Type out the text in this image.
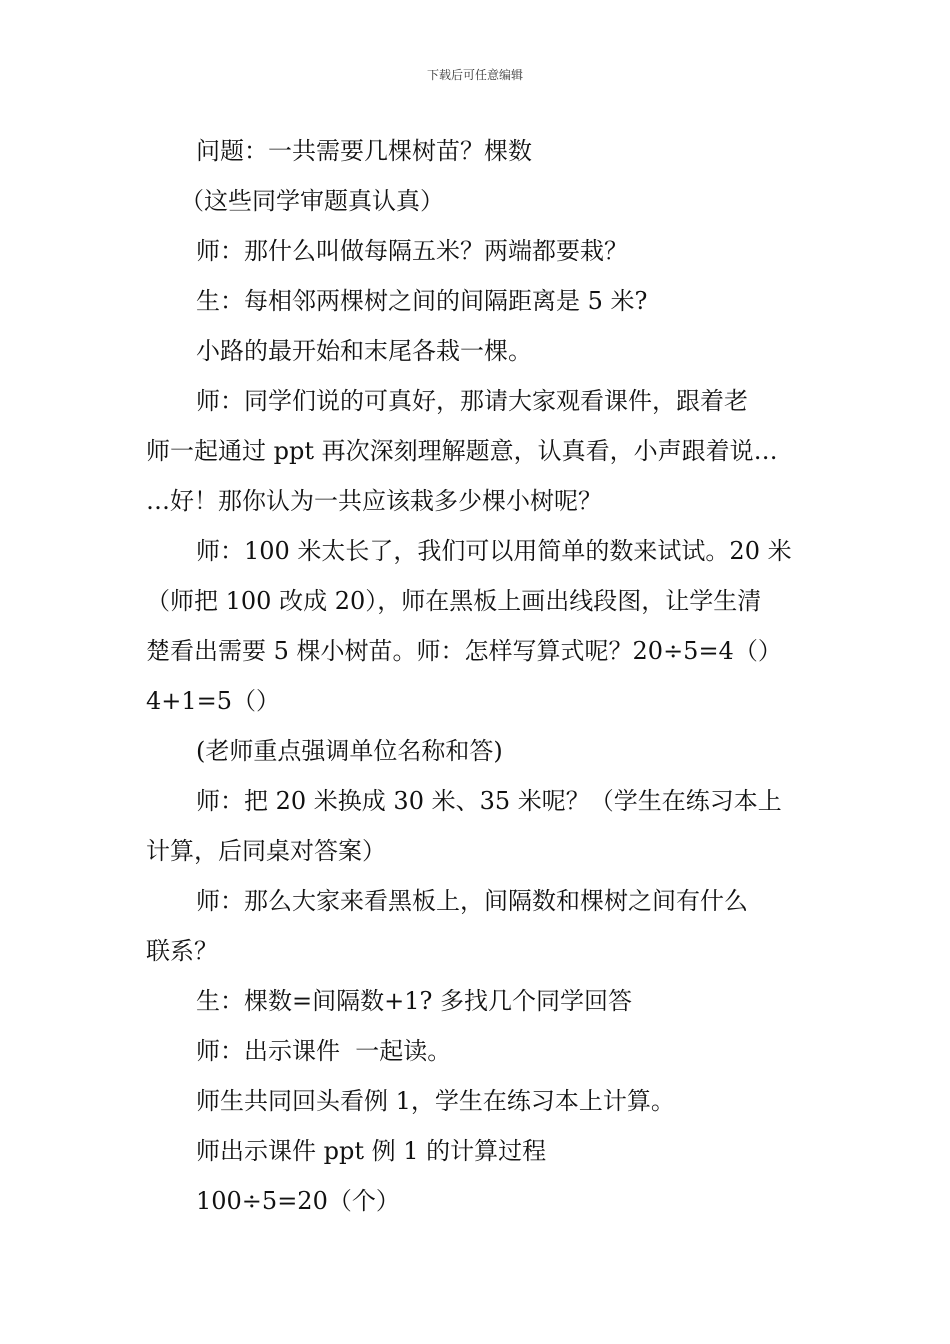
下载后可任意编辑
问题：一共需要几棵树苗？棵数
（这些同学审题真认真）
师：那什么叫做每隔五米？两端都要栽？
生：每相邻两棵树之间的间隔距离是 5 米?
小路的最开始和末尾各栽一棵。
师：同学们说的可真好，那请大家观看课件，跟着老
师一起通过 ppt 再次深刻理解题意，认真看，小声跟着说…
…好！那你认为一共应该栽多少棵小树呢？
师：100 米太长了，我们可以用简单的数来试试。20 米
（师把 100 改成 20），师在黑板上画出线段图，让学生清
楚看出需要 5 棵小树苗。师：怎样写算式呢？20÷5=4（）
4+1=5（）
(老师重点强调单位名称和答)
师：把 20 米换成 30 米、35 米呢？（学生在练习本上
计算，后同桌对答案）
师：那么大家来看黑板上，间隔数和棵树之间有什么
联系？
生：棵数=间隔数+1? 多找几个同学回答
师：出示课件  一起读。
师生共同回头看例 1，学生在练习本上计算。
师出示课件 ppt 例 1 的计算过程
100÷5=20（个）
